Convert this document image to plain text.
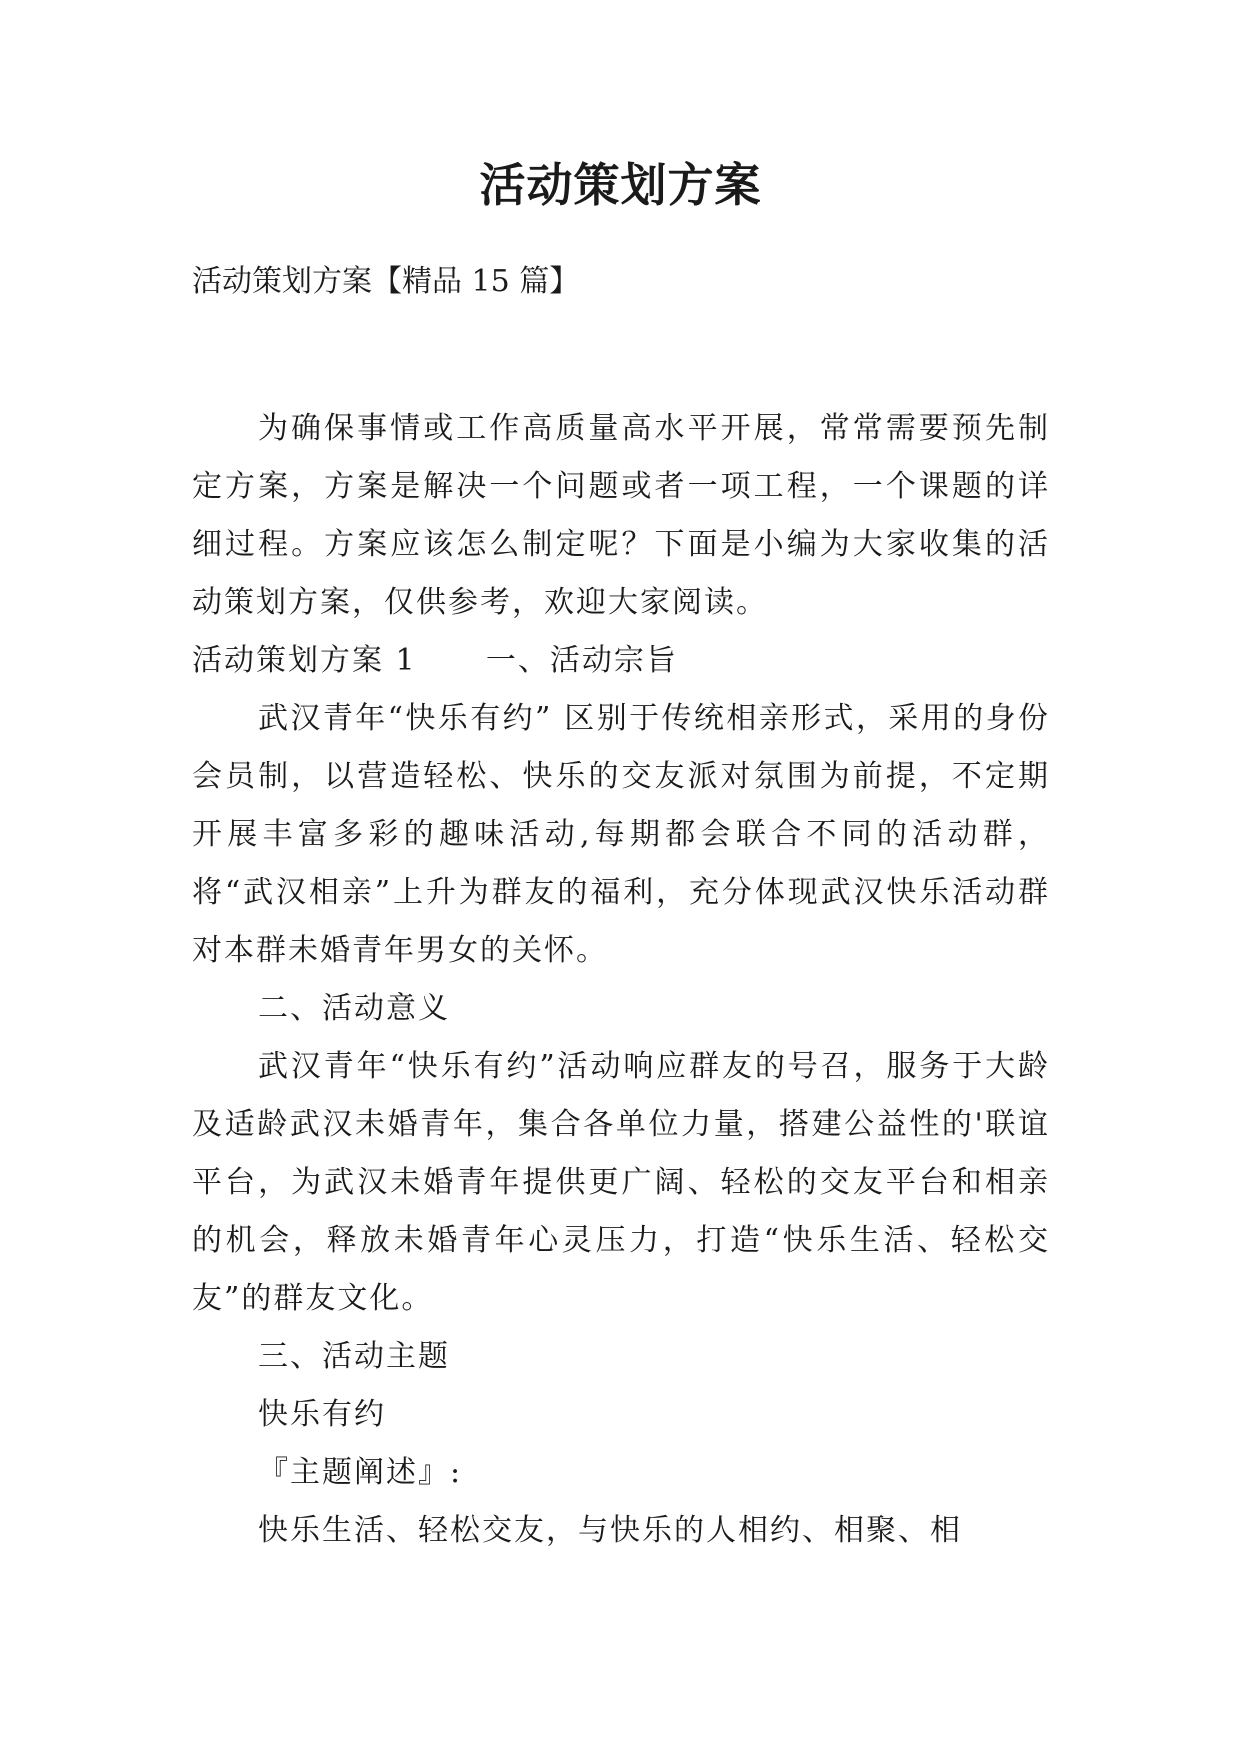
活动策划方案
活动策划方案【精品 15 篇】

为确保事情或工作高质量高水平开展，常常需要预先制定方案，方案是解决一个问题或者一项工程，一个课题的详细过程。方案应该怎么制定呢？下面是小编为大家收集的活动策划方案，仅供参考，欢迎大家阅读。

活动策划方案 1 一、活动宗旨

武汉青年“快乐有约” 区别于传统相亲形式，采用的身份会员制，以营造轻松、快乐的交友派对氛围为前提，不定期开展丰富多彩的趣味活动,每期都会联合不同的活动群，将“武汉相亲”上升为群友的福利，充分体现武汉快乐活动群对本群未婚青年男女的关怀。

二、活动意义

武汉青年“快乐有约”活动响应群友的号召，服务于大龄及适龄武汉未婚青年，集合各单位力量，搭建公益性的'联谊平台，为武汉未婚青年提供更广阔、轻松的交友平台和相亲的机会，释放未婚青年心灵压力，打造“快乐生活、轻松交友”的群友文化。

三、活动主题

快乐有约

『主题阐述』:

快乐生活、轻松交友，与快乐的人相约、相聚、相
